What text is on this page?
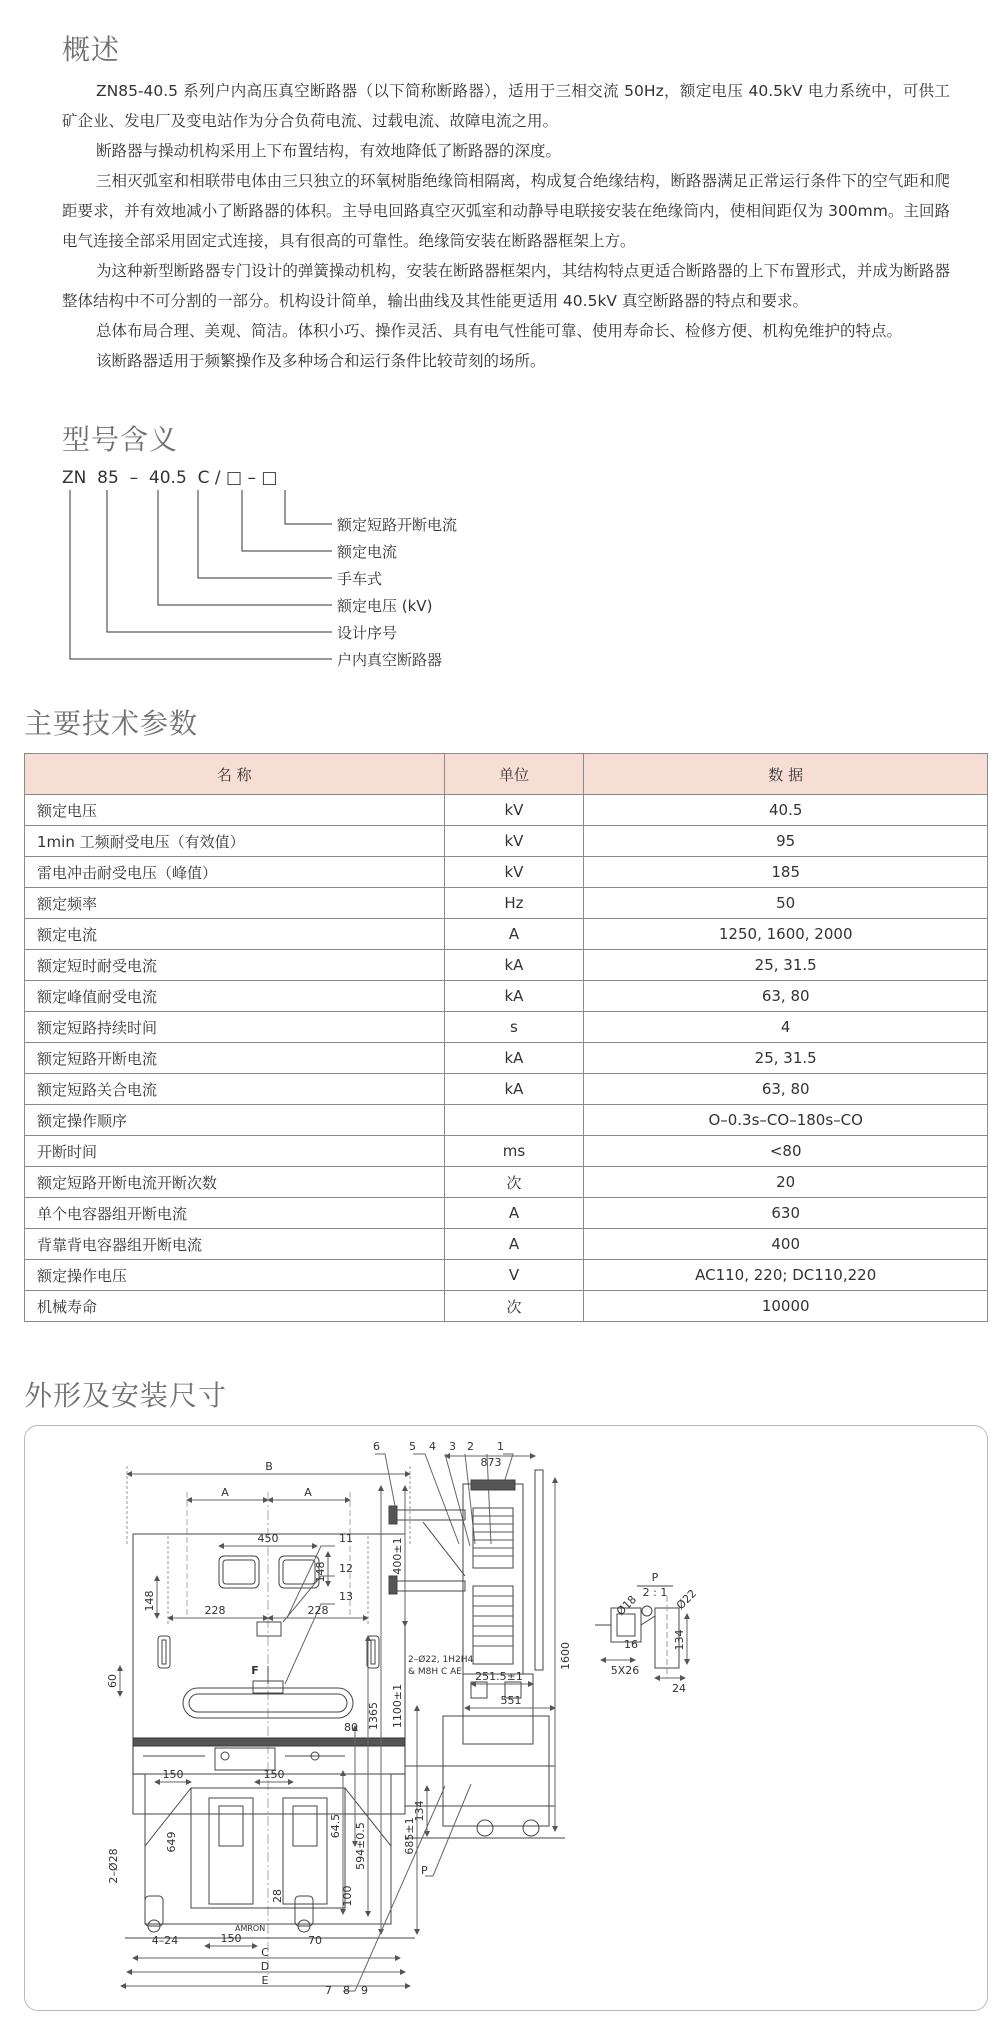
概述

ZN85-40.5 系列户内高压真空断路器（以下简称断路器），适用于三相交流 50Hz，额定电压 40.5kV 电力系统中，可供工矿企业、发电厂及变电站作为分合负荷电流、过载电流、故障电流之用。

断路器与操动机构采用上下布置结构，有效地降低了断路器的深度。

三相灭弧室和相联带电体由三只独立的环氧树脂绝缘筒相隔离，构成复合绝缘结构，断路器满足正常运行条件下的空气距和爬距要求，并有效地减小了断路器的体积。主导电回路真空灭弧室和动静导电联接安装在绝缘筒内，使相间距仅为 300mm。主回路电气连接全部采用固定式连接，具有很高的可靠性。绝缘筒安装在断路器框架上方。

为这种新型断路器专门设计的弹簧操动机构，安装在断路器框架内，其结构特点更适合断路器的上下布置形式，并成为断路器整体结构中不可分割的一部分。机构设计简单，输出曲线及其性能更适用 40.5kV 真空断路器的特点和要求。

总体布局合理、美观、简洁。体积小巧、操作灵活、具有电气性能可靠、使用寿命长、检修方便、机构免维护的特点。

该断路器适用于频繁操作及多种场合和运行条件比较苛刻的场所。

型号含义
ZN  85  –  40.5  C / □ – □
额定短路开断电流
额定电流
手车式
额定电压 (kV)
设计序号
户内真空断路器
主要技术参数
名 称	单位	数 据
额定电压	kV	40.5
1min 工频耐受电压（有效值）	kV	95
雷电冲击耐受电压（峰值）	kV	185
额定频率	Hz	50
额定电流	A	1250, 1600, 2000
额定短时耐受电流	kA	25, 31.5
额定峰值耐受电流	kA	63, 80
额定短路持续时间	s	4
额定短路开断电流	kA	25, 31.5
额定短路关合电流	kA	63, 80
额定操作顺序		O–0.3s–CO–180s–CO
开断时间	ms	<80
额定短路开断电流开断次数	次	20
单个电容器组开断电流	A	630
背靠背电容器组开断电流	A	400
额定操作电压	V	AC110, 220; DC110,220
机械寿命	次	10000
外形及安装尺寸
B
A	A
450
228	228
148
148
150	150
150
649
2–Ø28
4–24
C
D
E
F
60
80
64.5 594±0.5
100
28
70
1365 1100±1
400±1
685±1
11
12
13
7 8 9
AMRON
873
6	5 4 3 2 1
1600
251.5±1
551
134
2–Ø22, 1H2H4
& M8H C AE
P
P
2 : 1
Ø18	Ø22
16	134
5X26
24
